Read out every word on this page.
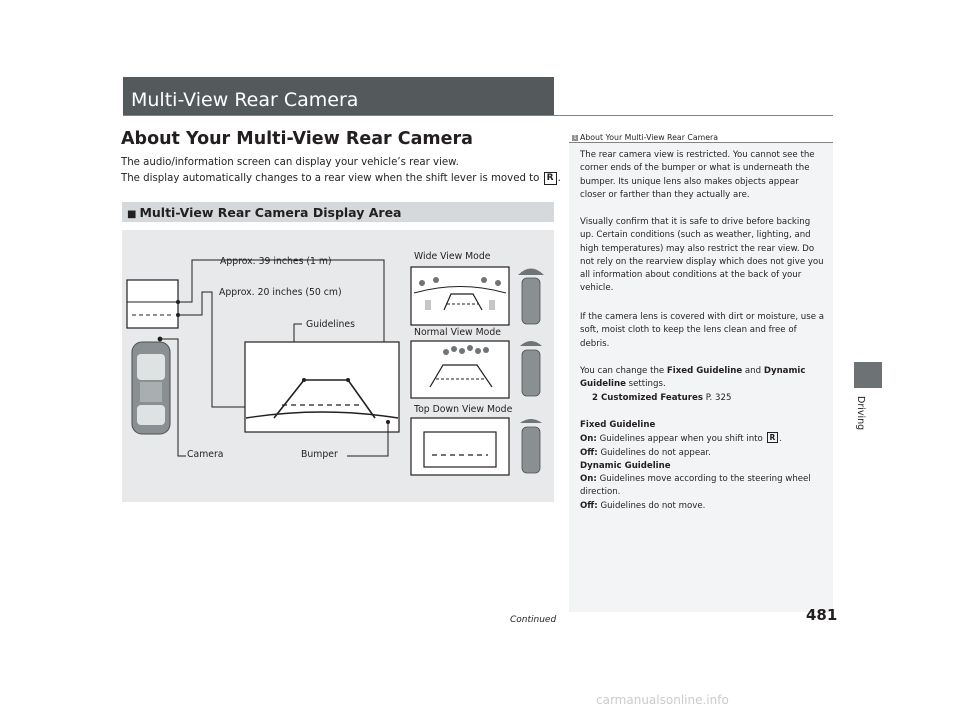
Multi-View Rear Camera
About Your Multi-View Rear Camera
The audio/information screen can display your vehicle’s rear view.
The display automatically changes to a rear view when the shift lever is moved to R .
■ Multi-View Rear Camera Display Area
Approx. 39 inches (1 m)
Approx. 20 inches (50 cm)
Guidelines
Camera	Bumper
Wide View Mode
Normal View Mode
Top Down View Mode	Driving
1 About Your Multi-View Rear Camera
The rear camera view is restricted. You cannot see the corner ends of the bumper or what is underneath the bumper. Its unique lens also makes objects appear closer or farther than they actually are.
Visually confirm that it is safe to drive before backing up. Certain conditions (such as weather, lighting, and high temperatures) may also restrict the rear view. Do not rely on the rearview display which does not give you all information about conditions at the back of your vehicle.
If the camera lens is covered with dirt or moisture, use a soft, moist cloth to keep the lens clean and free of debris.
You can change the Fixed Guideline and Dynamic Guideline settings.
2 Customized Features P. 325
Fixed Guideline
On: Guidelines appear when you shift into R .
Off: Guidelines do not appear.
Dynamic Guideline
On: Guidelines move according to the steering wheel direction.
Off: Guidelines do not move.
Continued	481
carmanualsonline.info
